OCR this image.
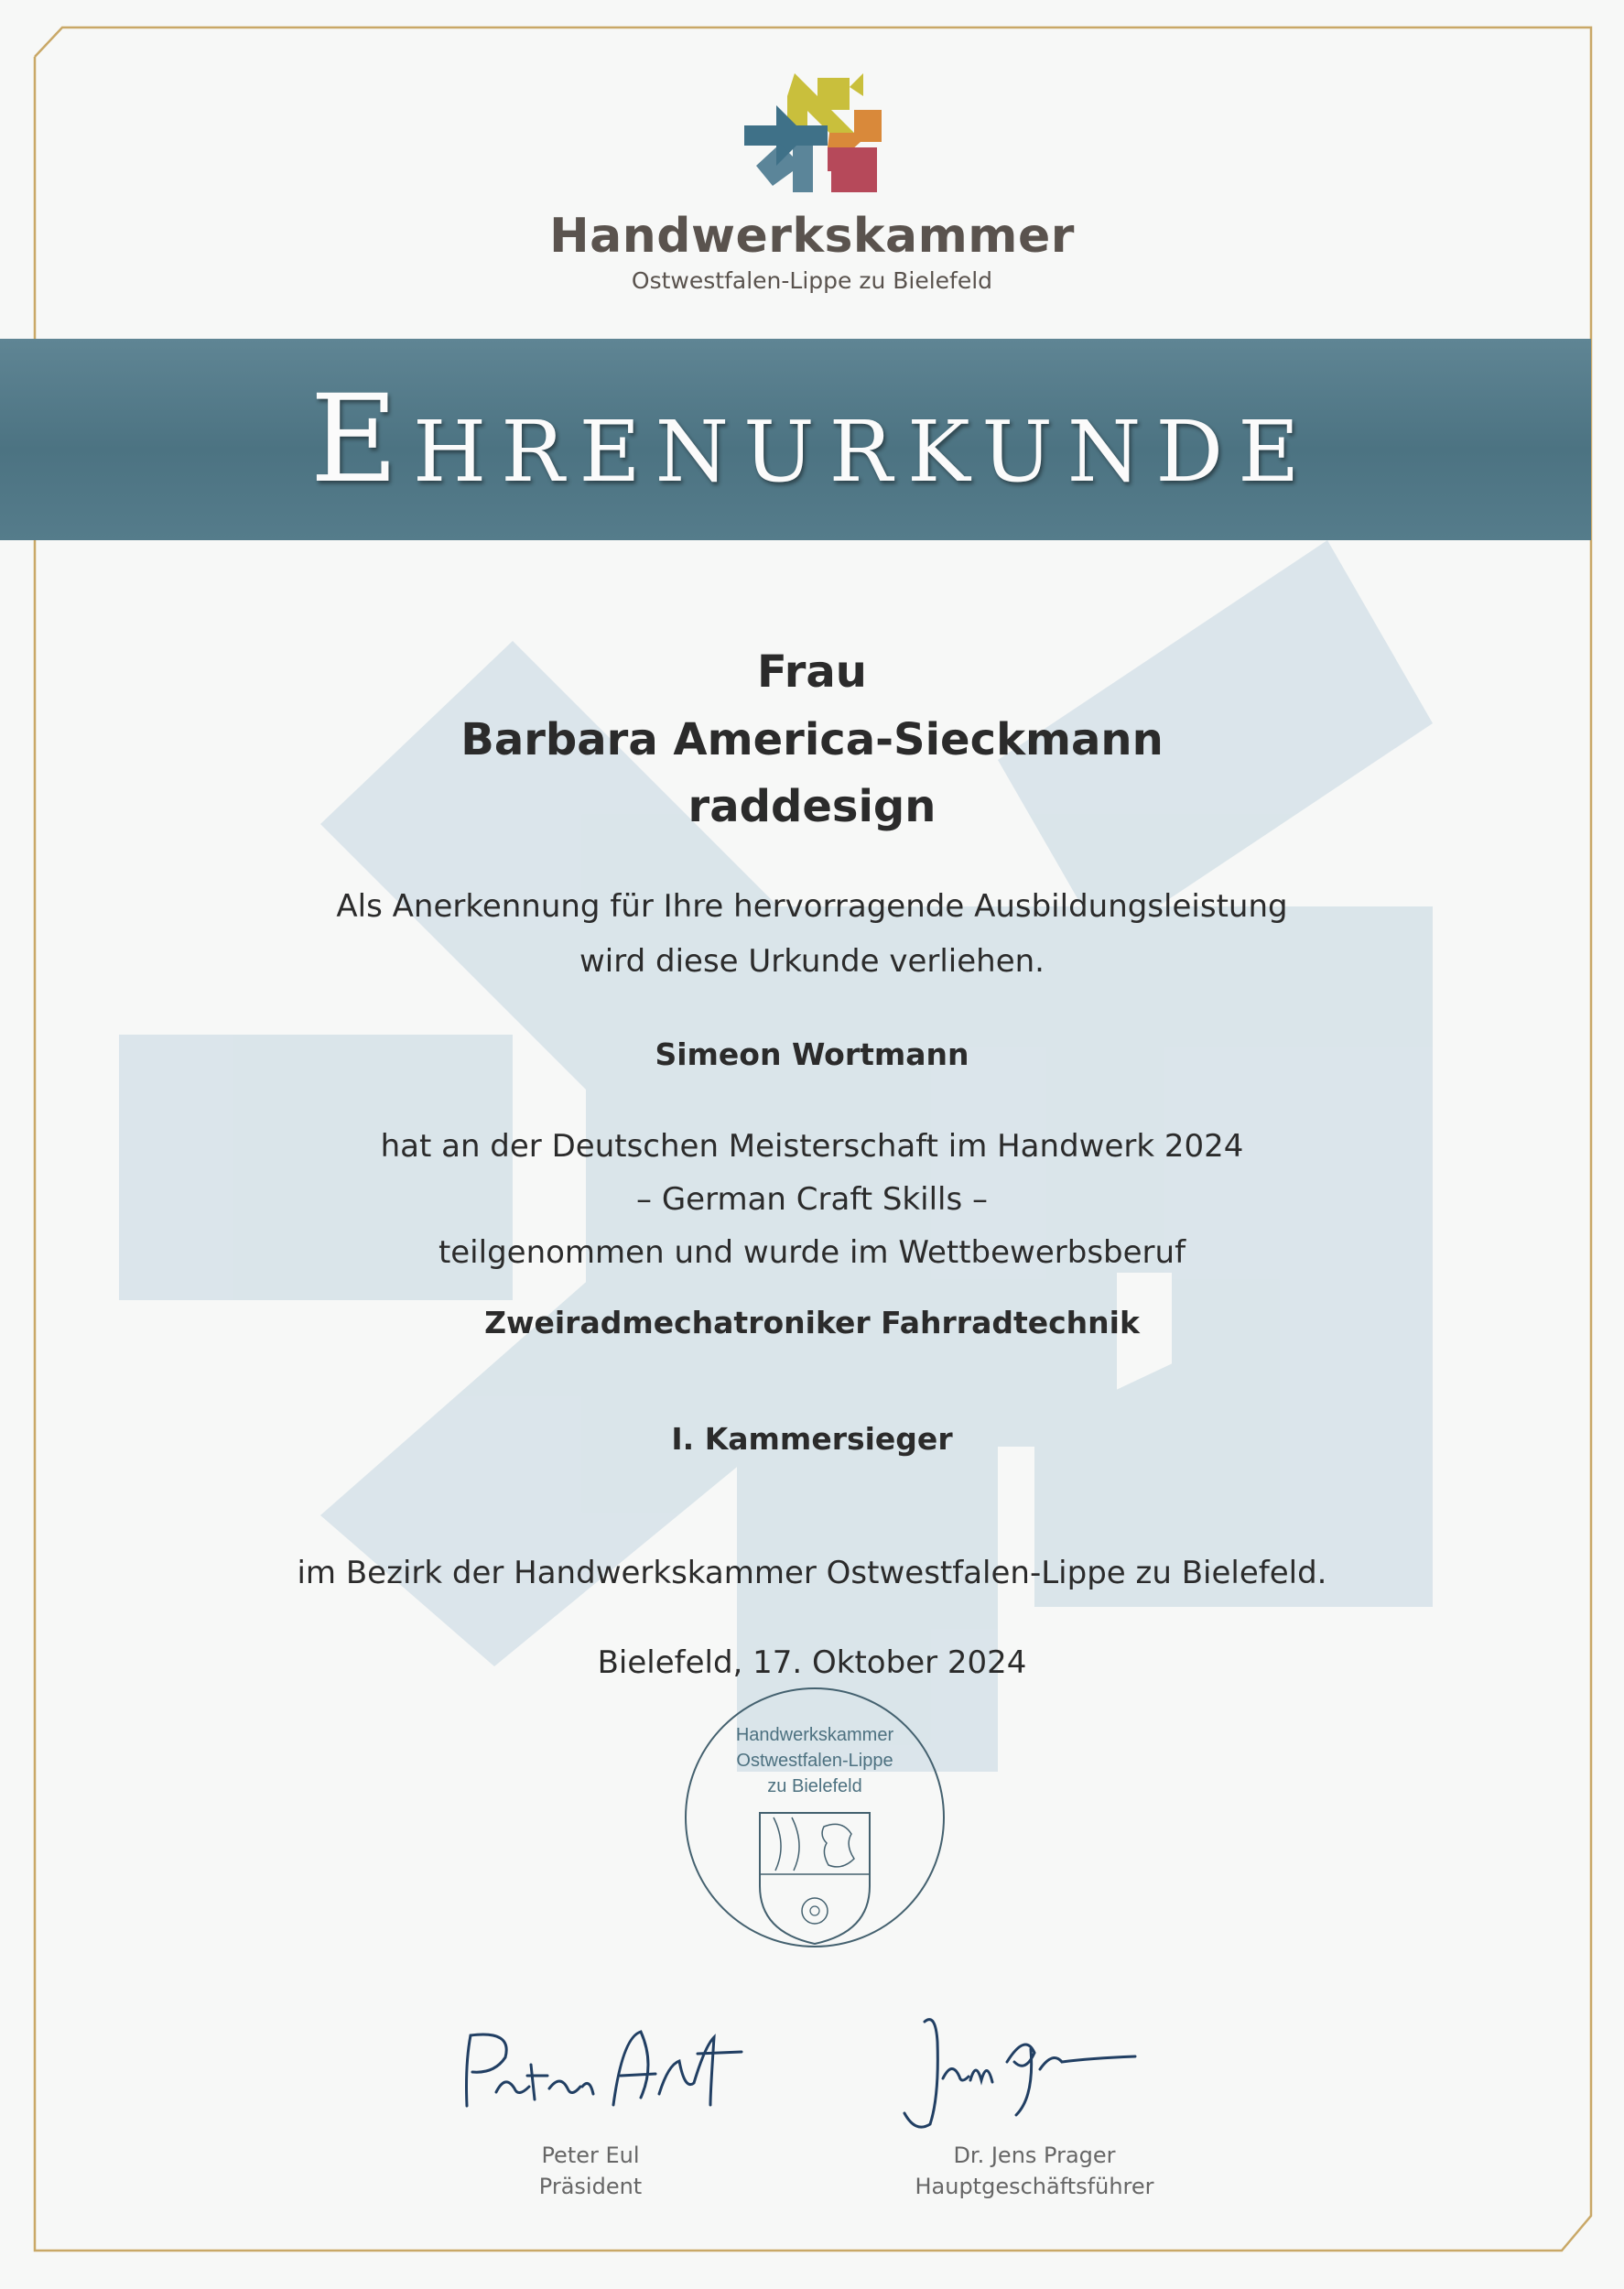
Handwerkskammer
Ostwestfalen-Lippe zu Bielefeld
Ehrenurkunde
Frau
Barbara America-Sieckmann
raddesign
Als Anerkennung für Ihre hervorragende Ausbildungsleistung
wird diese Urkunde verliehen.
Simeon Wortmann
hat an der Deutschen Meisterschaft im Handwerk 2024
– German Craft Skills –
teilgenommen und wurde im Wettbewerbsberuf
Zweiradmechatroniker Fahrradtechnik
I. Kammersieger
im Bezirk der Handwerkskammer Ostwestfalen-Lippe zu Bielefeld.
Bielefeld, 17. Oktober 2024
Handwerkskammer
Ostwestfalen-Lippe
zu Bielefeld
Peter Eul
Präsident
Dr. Jens Prager
Hauptgeschäftsführer
